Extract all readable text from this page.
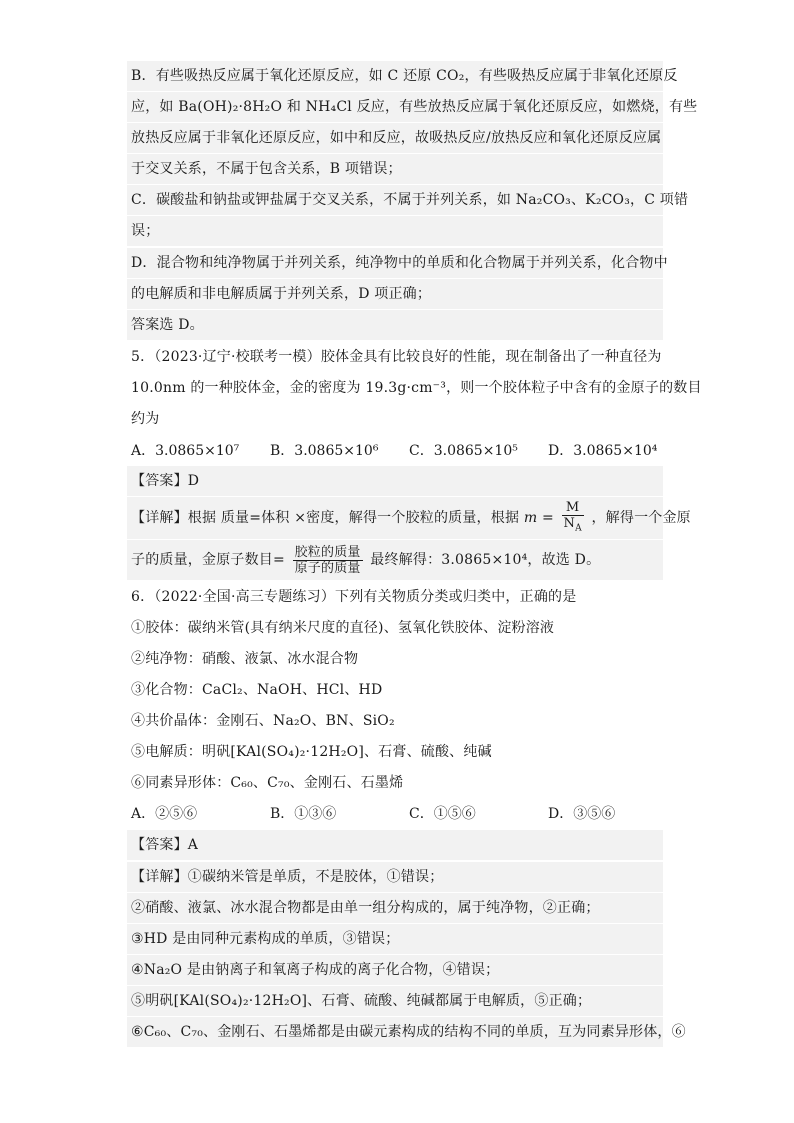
B．有些吸热反应属于氧化还原反应，如 C 还原 CO₂，有些吸热反应属于非氧化还原反
应，如 Ba(OH)₂·8H₂O 和 NH₄Cl 反应，有些放热反应属于氧化还原反应，如燃烧，有些
放热反应属于非氧化还原反应，如中和反应，故吸热反应/放热反应和氧化还原反应属
于交叉关系，不属于包含关系，B 项错误；
C．碳酸盐和钠盐或钾盐属于交叉关系，不属于并列关系，如 Na₂CO₃、K₂CO₃，C 项错
误；
D．混合物和纯净物属于并列关系，纯净物中的单质和化合物属于并列关系，化合物中
的电解质和非电解质属于并列关系，D 项正确；
答案选 D。
5．（2023·辽宁·校联考一模）胶体金具有比较良好的性能，现在制备出了一种直径为
10.0nm 的一种胶体金，金的密度为 19.3g·cm⁻³，则一个胶体粒子中含有的金原子的数目
约为
A．3.0865×10⁷ B．3.0865×10⁶ C．3.0865×10⁵ D．3.0865×10⁴
【答案】D
【详解】根据 质量=体积 ×密度，解得一个胶粒的质量，根据 $m = \frac{M}{N_A}$ ，解得一个金原
子的质量，金原子数目= $\frac{\text{胶粒的质量}}{\text{原子的质量}}$ 最终解得：3.0865×10⁴，故选 D。
6．（2022·全国·高三专题练习）下列有关物质分类或归类中，正确的是
①胶体：碳纳米管(具有纳米尺度的直径)、氢氧化铁胶体、淀粉溶液
②纯净物：硝酸、液氯、冰水混合物
③化合物：CaCl₂、NaOH、HCl、HD
④共价晶体：金刚石、Na₂O、BN、SiO₂
⑤电解质：明矾[KAl(SO₄)₂·12H₂O]、石膏、硫酸、纯碱
⑥同素异形体：C₆₀、C₇₀、金刚石、石墨烯
A．②⑤⑥	B．①③⑥	C．①⑤⑥	D．③⑤⑥
【答案】A
【详解】①碳纳米管是单质，不是胶体，①错误；
②硝酸、液氯、冰水混合物都是由单一组分构成的，属于纯净物，②正确；
③HD 是由同种元素构成的单质，③错误；
④Na₂O 是由钠离子和氧离子构成的离子化合物，④错误；
⑤明矾[KAl(SO₄)₂·12H₂O]、石膏、硫酸、纯碱都属于电解质，⑤正确；
⑥C₆₀、C₇₀、金刚石、石墨烯都是由碳元素构成的结构不同的单质，互为同素异形体，⑥
